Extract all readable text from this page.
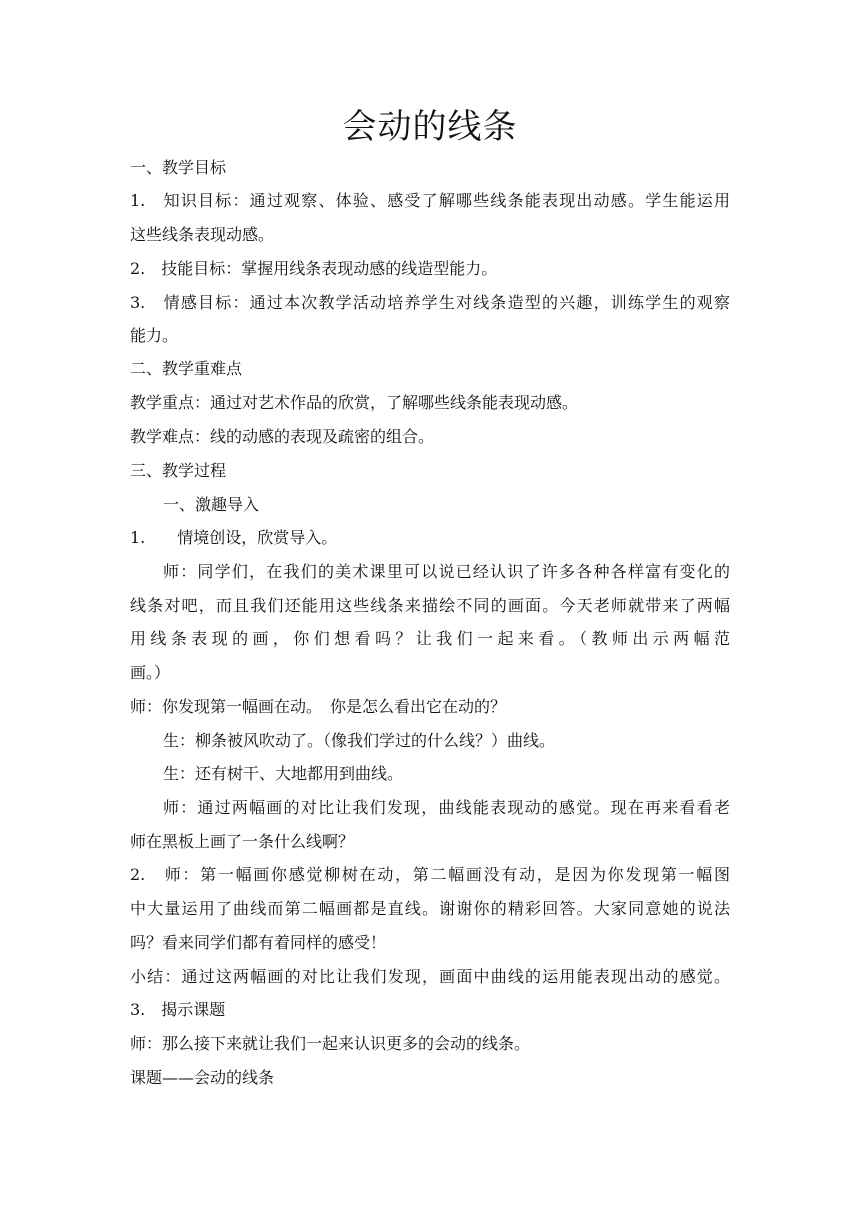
会动的线条
一、教学目标
1.　知识目标：通过观察、体验、感受了解哪些线条能表现出动感。学生能运用
这些线条表现动感。
2.　技能目标：掌握用线条表现动感的线造型能力。
3.　情感目标：通过本次教学活动培养学生对线条造型的兴趣，训练学生的观察
能力。
二、教学重难点
教学重点：通过对艺术作品的欣赏，了解哪些线条能表现动感。
教学难点：线的动感的表现及疏密的组合。
三、教学过程
一、激趣导入
1.　　情境创设，欣赏导入。
师：同学们，在我们的美术课里可以说已经认识了许多各种各样富有变化的
线条对吧，而且我们还能用这些线条来描绘不同的画面。今天老师就带来了两幅
用线条表现的画，你们想看吗？让我们一起来看。（教师出示两幅范
画。）
师：你发现第一幅画在动。　你是怎么看出它在动的？
生：柳条被风吹动了。（像我们学过的什么线？）曲线。
生：还有树干、大地都用到曲线。
师：通过两幅画的对比让我们发现，曲线能表现动的感觉。现在再来看看老
师在黑板上画了一条什么线啊？
2.　师：第一幅画你感觉柳树在动，第二幅画没有动，是因为你发现第一幅图
中大量运用了曲线而第二幅画都是直线。谢谢你的精彩回答。大家同意她的说法
吗？看来同学们都有着同样的感受！
小结：通过这两幅画的对比让我们发现，画面中曲线的运用能表现出动的感觉。
3.　揭示课题
师：那么接下来就让我们一起来认识更多的会动的线条。
课题——会动的线条
